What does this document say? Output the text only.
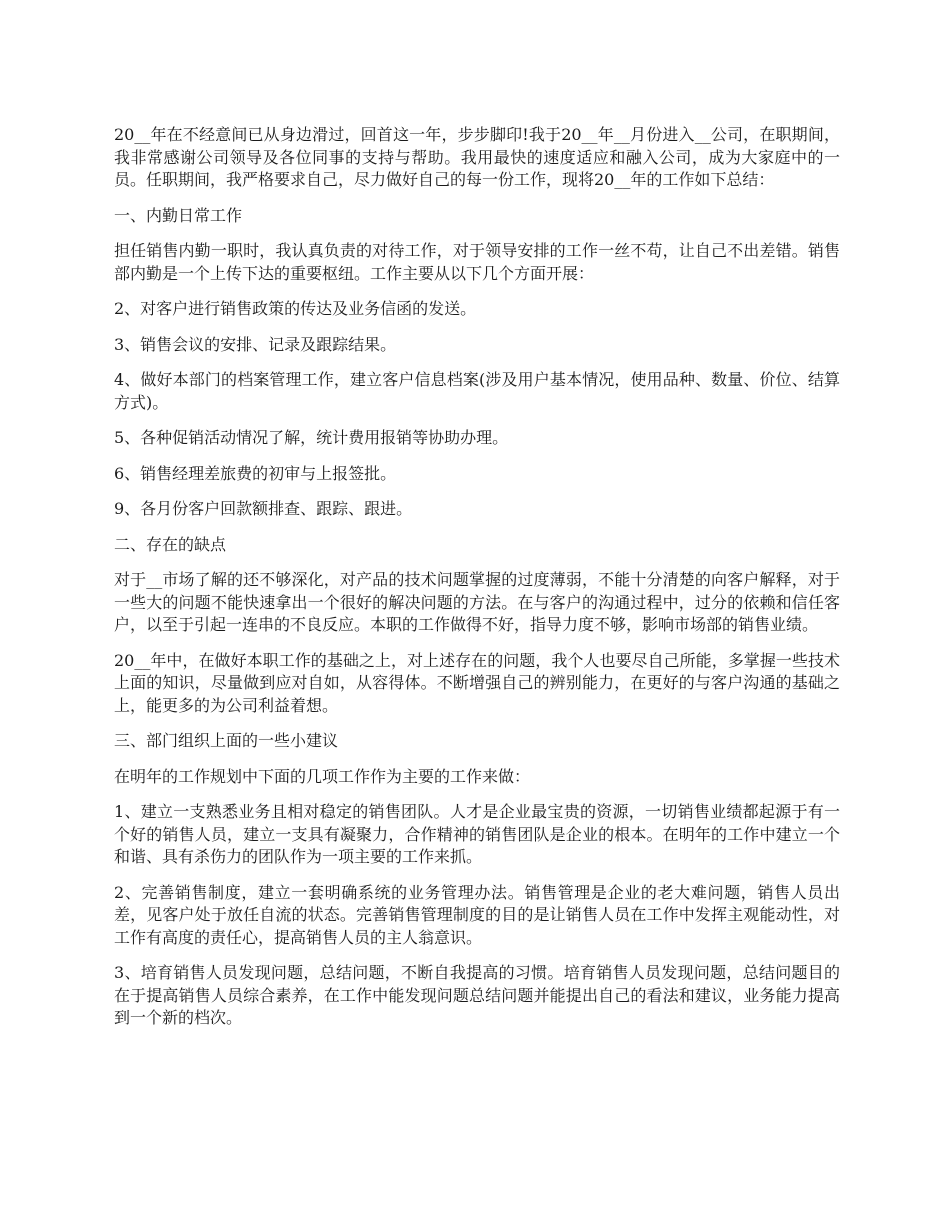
20__年在不经意间已从身边滑过，回首这一年，步步脚印!我于20__年__月份进入__公司，在职期间，我非常感谢公司领导及各位同事的支持与帮助。我用最快的速度适应和融入公司，成为大家庭中的一员。任职期间，我严格要求自己，尽力做好自己的每一份工作，现将20__年的工作如下总结：

一、内勤日常工作

担任销售内勤一职时，我认真负责的对待工作，对于领导安排的工作一丝不苟，让自己不出差错。销售部内勤是一个上传下达的重要枢纽。工作主要从以下几个方面开展：

2、对客户进行销售政策的传达及业务信函的发送。

3、销售会议的安排、记录及跟踪结果。

4、做好本部门的档案管理工作，建立客户信息档案(涉及用户基本情况，使用品种、数量、价位、结算方式)。

5、各种促销活动情况了解，统计费用报销等协助办理。

6、销售经理差旅费的初审与上报签批。

9、各月份客户回款额排查、跟踪、跟进。

二、存在的缺点

对于__市场了解的还不够深化，对产品的技术问题掌握的过度薄弱，不能十分清楚的向客户解释，对于一些大的问题不能快速拿出一个很好的解决问题的方法。在与客户的沟通过程中，过分的依赖和信任客户，以至于引起一连串的不良反应。本职的工作做得不好，指导力度不够，影响市场部的销售业绩。

20__年中，在做好本职工作的基础之上，对上述存在的问题，我个人也要尽自己所能，多掌握一些技术上面的知识，尽量做到应对自如，从容得体。不断增强自己的辨别能力，在更好的与客户沟通的基础之上，能更多的为公司利益着想。

三、部门组织上面的一些小建议

在明年的工作规划中下面的几项工作作为主要的工作来做：

1、建立一支熟悉业务且相对稳定的销售团队。人才是企业最宝贵的资源，一切销售业绩都起源于有一个好的销售人员，建立一支具有凝聚力，合作精神的销售团队是企业的根本。在明年的工作中建立一个和谐、具有杀伤力的团队作为一项主要的工作来抓。

2、完善销售制度，建立一套明确系统的业务管理办法。销售管理是企业的老大难问题，销售人员出差，见客户处于放任自流的状态。完善销售管理制度的目的是让销售人员在工作中发挥主观能动性，对工作有高度的责任心，提高销售人员的主人翁意识。

3、培育销售人员发现问题，总结问题，不断自我提高的习惯。培育销售人员发现问题，总结问题目的在于提高销售人员综合素养，在工作中能发现问题总结问题并能提出自己的看法和建议，业务能力提高到一个新的档次。
